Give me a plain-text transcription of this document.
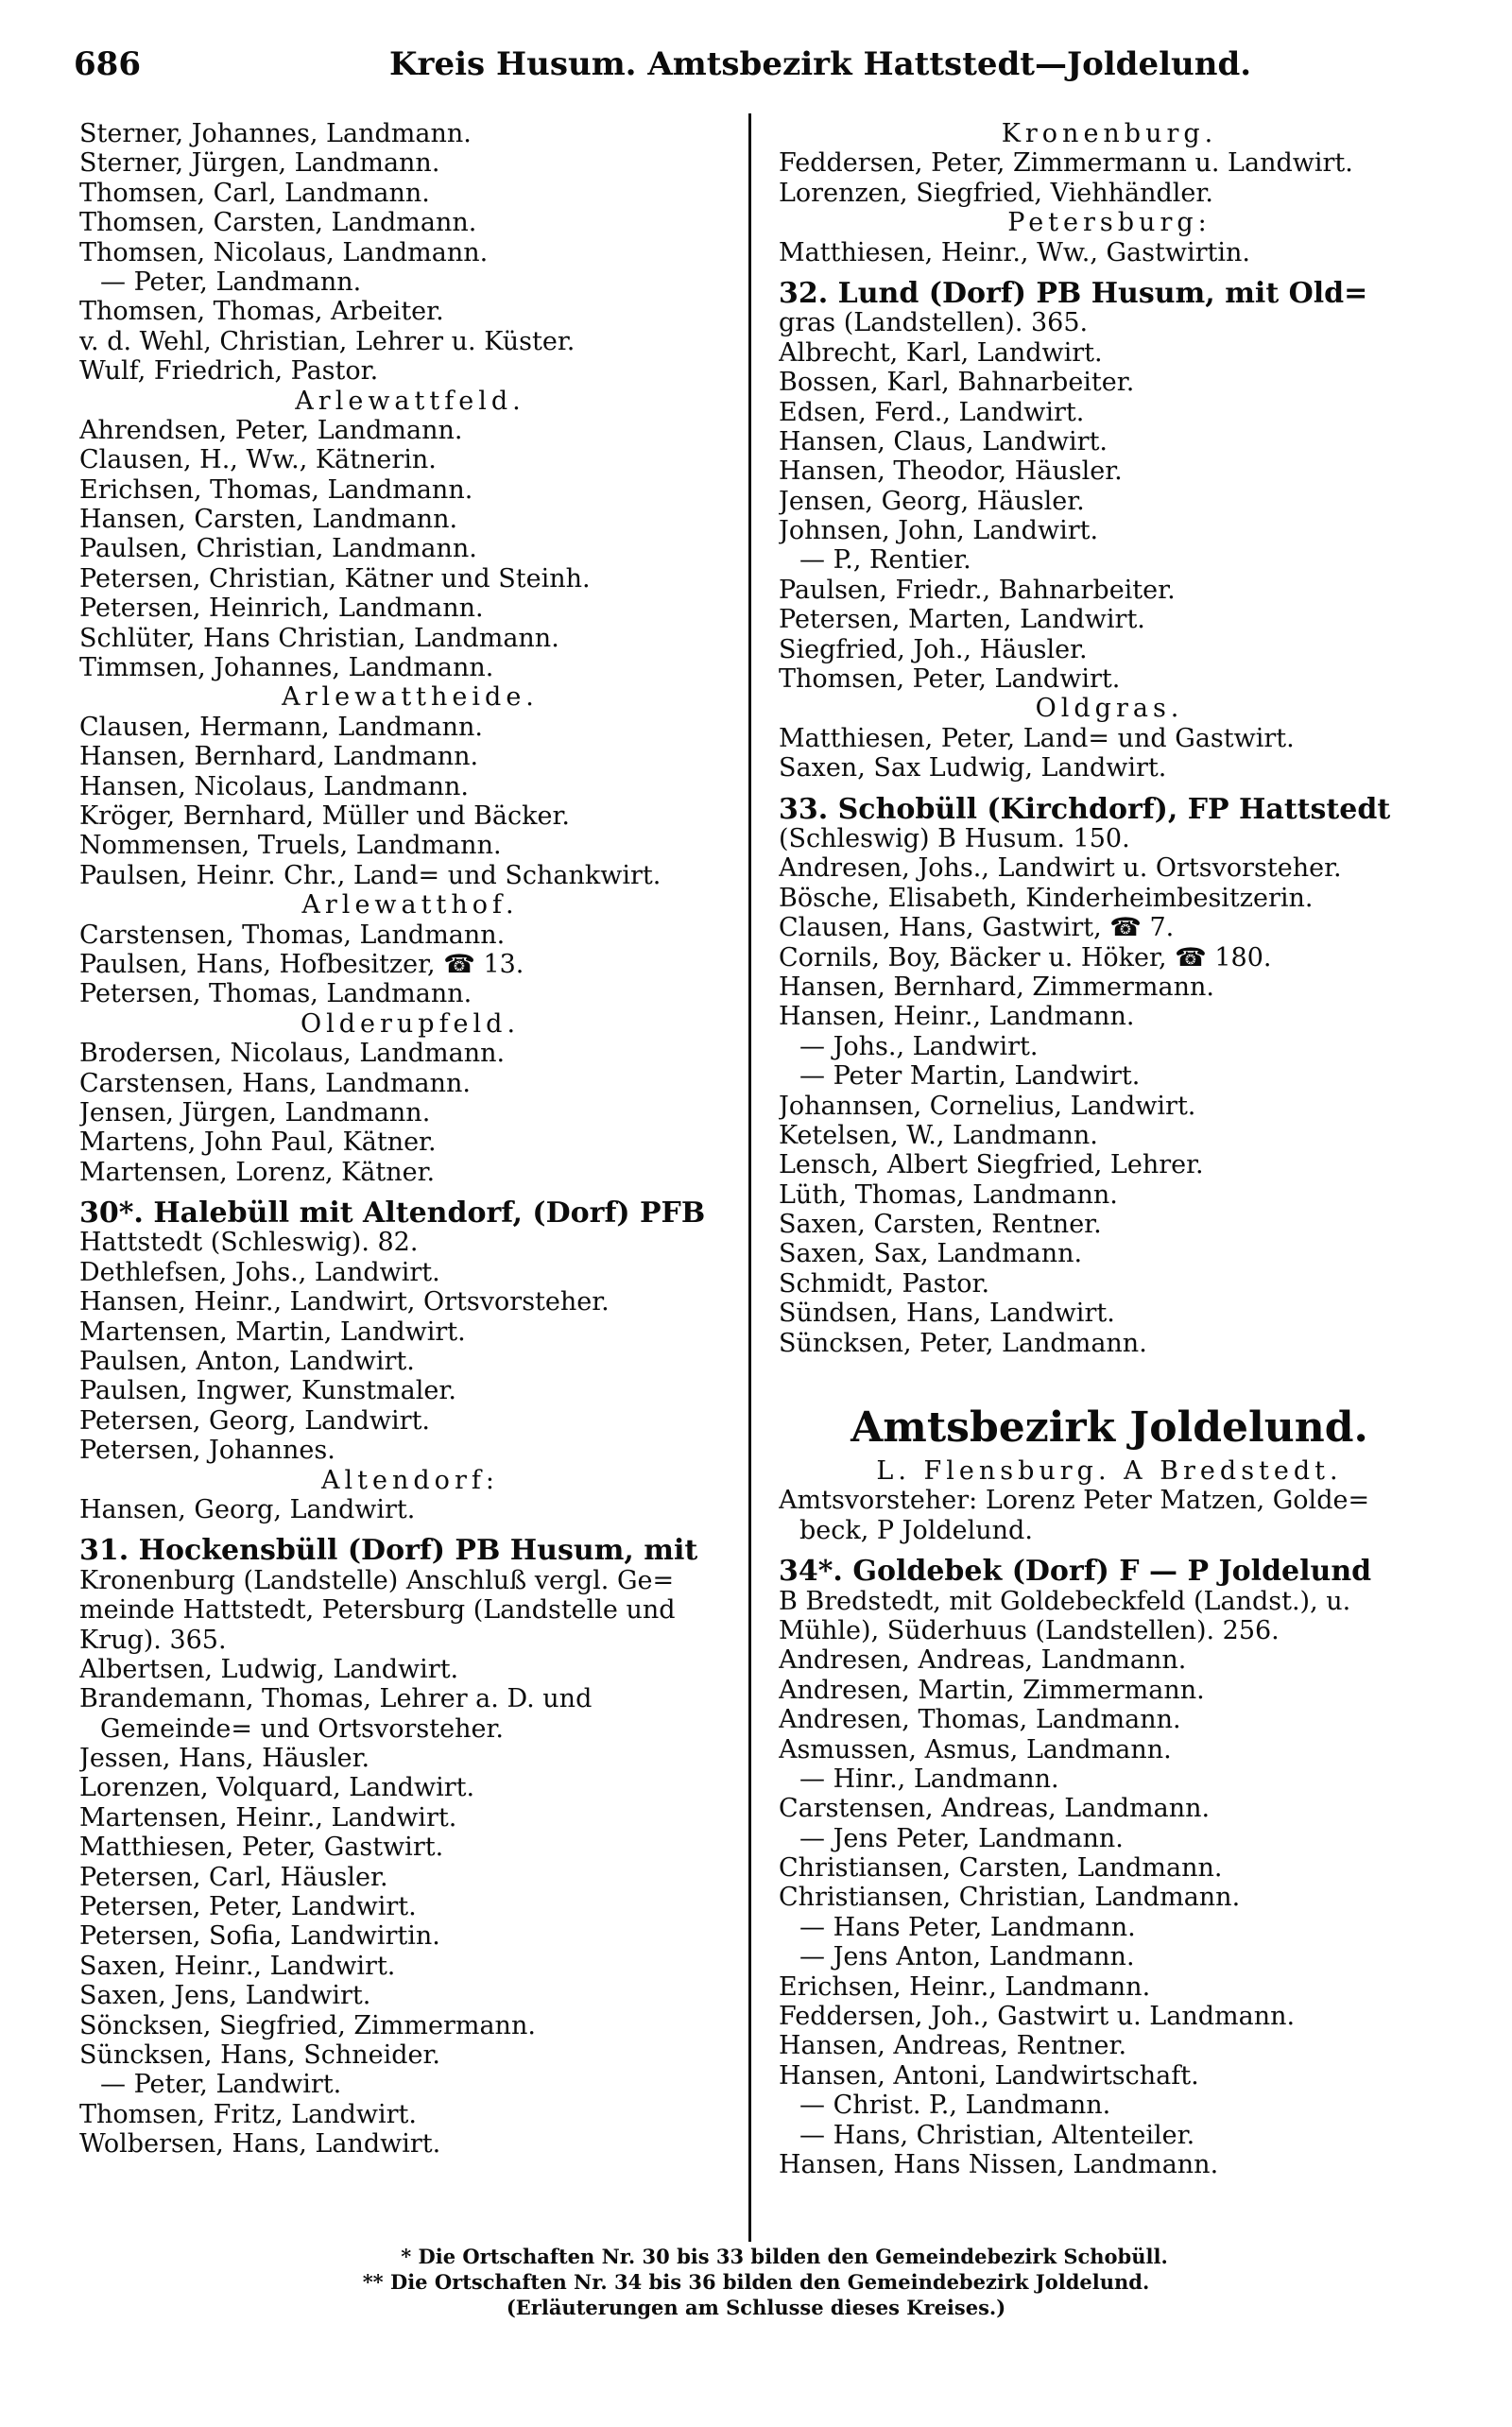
686	Kreis Husum. Amtsbezirk Hattstedt—Joldelund.
Sterner, Johannes, Landmann.
Sterner, Jürgen, Landmann.
Thomsen, Carl, Landmann.
Thomsen, Carsten, Landmann.
Thomsen, Nicolaus, Landmann.
— Peter, Landmann.
Thomsen, Thomas, Arbeiter.
v. d. Wehl, Christian, Lehrer u. Küster.
Wulf, Friedrich, Pastor.
Arlewattfeld.
Ahrendsen, Peter, Landmann.
Clausen, H., Ww., Kätnerin.
Erichsen, Thomas, Landmann.
Hansen, Carsten, Landmann.
Paulsen, Christian, Landmann.
Petersen, Christian, Kätner und Steinh.
Petersen, Heinrich, Landmann.
Schlüter, Hans Christian, Landmann.
Timmsen, Johannes, Landmann.
Arlewattheide.
Clausen, Hermann, Landmann.
Hansen, Bernhard, Landmann.
Hansen, Nicolaus, Landmann.
Kröger, Bernhard, Müller und Bäcker.
Nommensen, Truels, Landmann.
Paulsen, Heinr. Chr., Land= und Schankwirt.
Arlewatthof.
Carstensen, Thomas, Landmann.
Paulsen, Hans, Hofbesitzer, ☎ 13.
Petersen, Thomas, Landmann.
Olderupfeld.
Brodersen, Nicolaus, Landmann.
Carstensen, Hans, Landmann.
Jensen, Jürgen, Landmann.
Martens, John Paul, Kätner.
Martensen, Lorenz, Kätner.
30*. Halebüll mit Altendorf, (Dorf) PFB
Hattstedt (Schleswig). 82.
Dethlefsen, Johs., Landwirt.
Hansen, Heinr., Landwirt, Ortsvorsteher.
Martensen, Martin, Landwirt.
Paulsen, Anton, Landwirt.
Paulsen, Ingwer, Kunstmaler.
Petersen, Georg, Landwirt.
Petersen, Johannes.
Altendorf:
Hansen, Georg, Landwirt.
31. Hockensbüll (Dorf) PB Husum, mit
Kronenburg (Landstelle) Anschluß vergl. Ge=
meinde Hattstedt, Petersburg (Landstelle und
Krug). 365.
Albertsen, Ludwig, Landwirt.
Brandemann, Thomas, Lehrer a. D. und
Gemeinde= und Ortsvorsteher.
Jessen, Hans, Häusler.
Lorenzen, Volquard, Landwirt.
Martensen, Heinr., Landwirt.
Matthiesen, Peter, Gastwirt.
Petersen, Carl, Häusler.
Petersen, Peter, Landwirt.
Petersen, Sofia, Landwirtin.
Saxen, Heinr., Landwirt.
Saxen, Jens, Landwirt.
Söncksen, Siegfried, Zimmermann.
Süncksen, Hans, Schneider.
— Peter, Landwirt.
Thomsen, Fritz, Landwirt.
Wolbersen, Hans, Landwirt.
Kronenburg.
Feddersen, Peter, Zimmermann u. Landwirt.
Lorenzen, Siegfried, Viehhändler.
Petersburg:
Matthiesen, Heinr., Ww., Gastwirtin.
32. Lund (Dorf) PB Husum, mit Old=
gras (Landstellen). 365.
Albrecht, Karl, Landwirt.
Bossen, Karl, Bahnarbeiter.
Edsen, Ferd., Landwirt.
Hansen, Claus, Landwirt.
Hansen, Theodor, Häusler.
Jensen, Georg, Häusler.
Johnsen, John, Landwirt.
— P., Rentier.
Paulsen, Friedr., Bahnarbeiter.
Petersen, Marten, Landwirt.
Siegfried, Joh., Häusler.
Thomsen, Peter, Landwirt.
Oldgras.
Matthiesen, Peter, Land= und Gastwirt.
Saxen, Sax Ludwig, Landwirt.
33. Schobüll (Kirchdorf), FP Hattstedt
(Schleswig) B Husum. 150.
Andresen, Johs., Landwirt u. Ortsvorsteher.
Bösche, Elisabeth, Kinderheimbesitzerin.
Clausen, Hans, Gastwirt, ☎ 7.
Cornils, Boy, Bäcker u. Höker, ☎ 180.
Hansen, Bernhard, Zimmermann.
Hansen, Heinr., Landmann.
— Johs., Landwirt.
— Peter Martin, Landwirt.
Johannsen, Cornelius, Landwirt.
Ketelsen, W., Landmann.
Lensch, Albert Siegfried, Lehrer.
Lüth, Thomas, Landmann.
Saxen, Carsten, Rentner.
Saxen, Sax, Landmann.
Schmidt, Pastor.
Sündsen, Hans, Landwirt.
Süncksen, Peter, Landmann.
Amtsbezirk Joldelund.
L. Flensburg. A Bredstedt.
Amtsvorsteher: Lorenz Peter Matzen, Golde=
beck, P Joldelund.
34*. Goldebek (Dorf) F — P Joldelund
B Bredstedt, mit Goldebeckfeld (Landst.), u.
Mühle), Süderhuus (Landstellen). 256.
Andresen, Andreas, Landmann.
Andresen, Martin, Zimmermann.
Andresen, Thomas, Landmann.
Asmussen, Asmus, Landmann.
— Hinr., Landmann.
Carstensen, Andreas, Landmann.
— Jens Peter, Landmann.
Christiansen, Carsten, Landmann.
Christiansen, Christian, Landmann.
— Hans Peter, Landmann.
— Jens Anton, Landmann.
Erichsen, Heinr., Landmann.
Feddersen, Joh., Gastwirt u. Landmann.
Hansen, Andreas, Rentner.
Hansen, Antoni, Landwirtschaft.
— Christ. P., Landmann.
— Hans, Christian, Altenteiler.
Hansen, Hans Nissen, Landmann.
* Die Ortschaften Nr. 30 bis 33 bilden den Gemeindebezirk Schobüll.
** Die Ortschaften Nr. 34 bis 36 bilden den Gemeindebezirk Joldelund.
(Erläuterungen am Schlusse dieses Kreises.)
